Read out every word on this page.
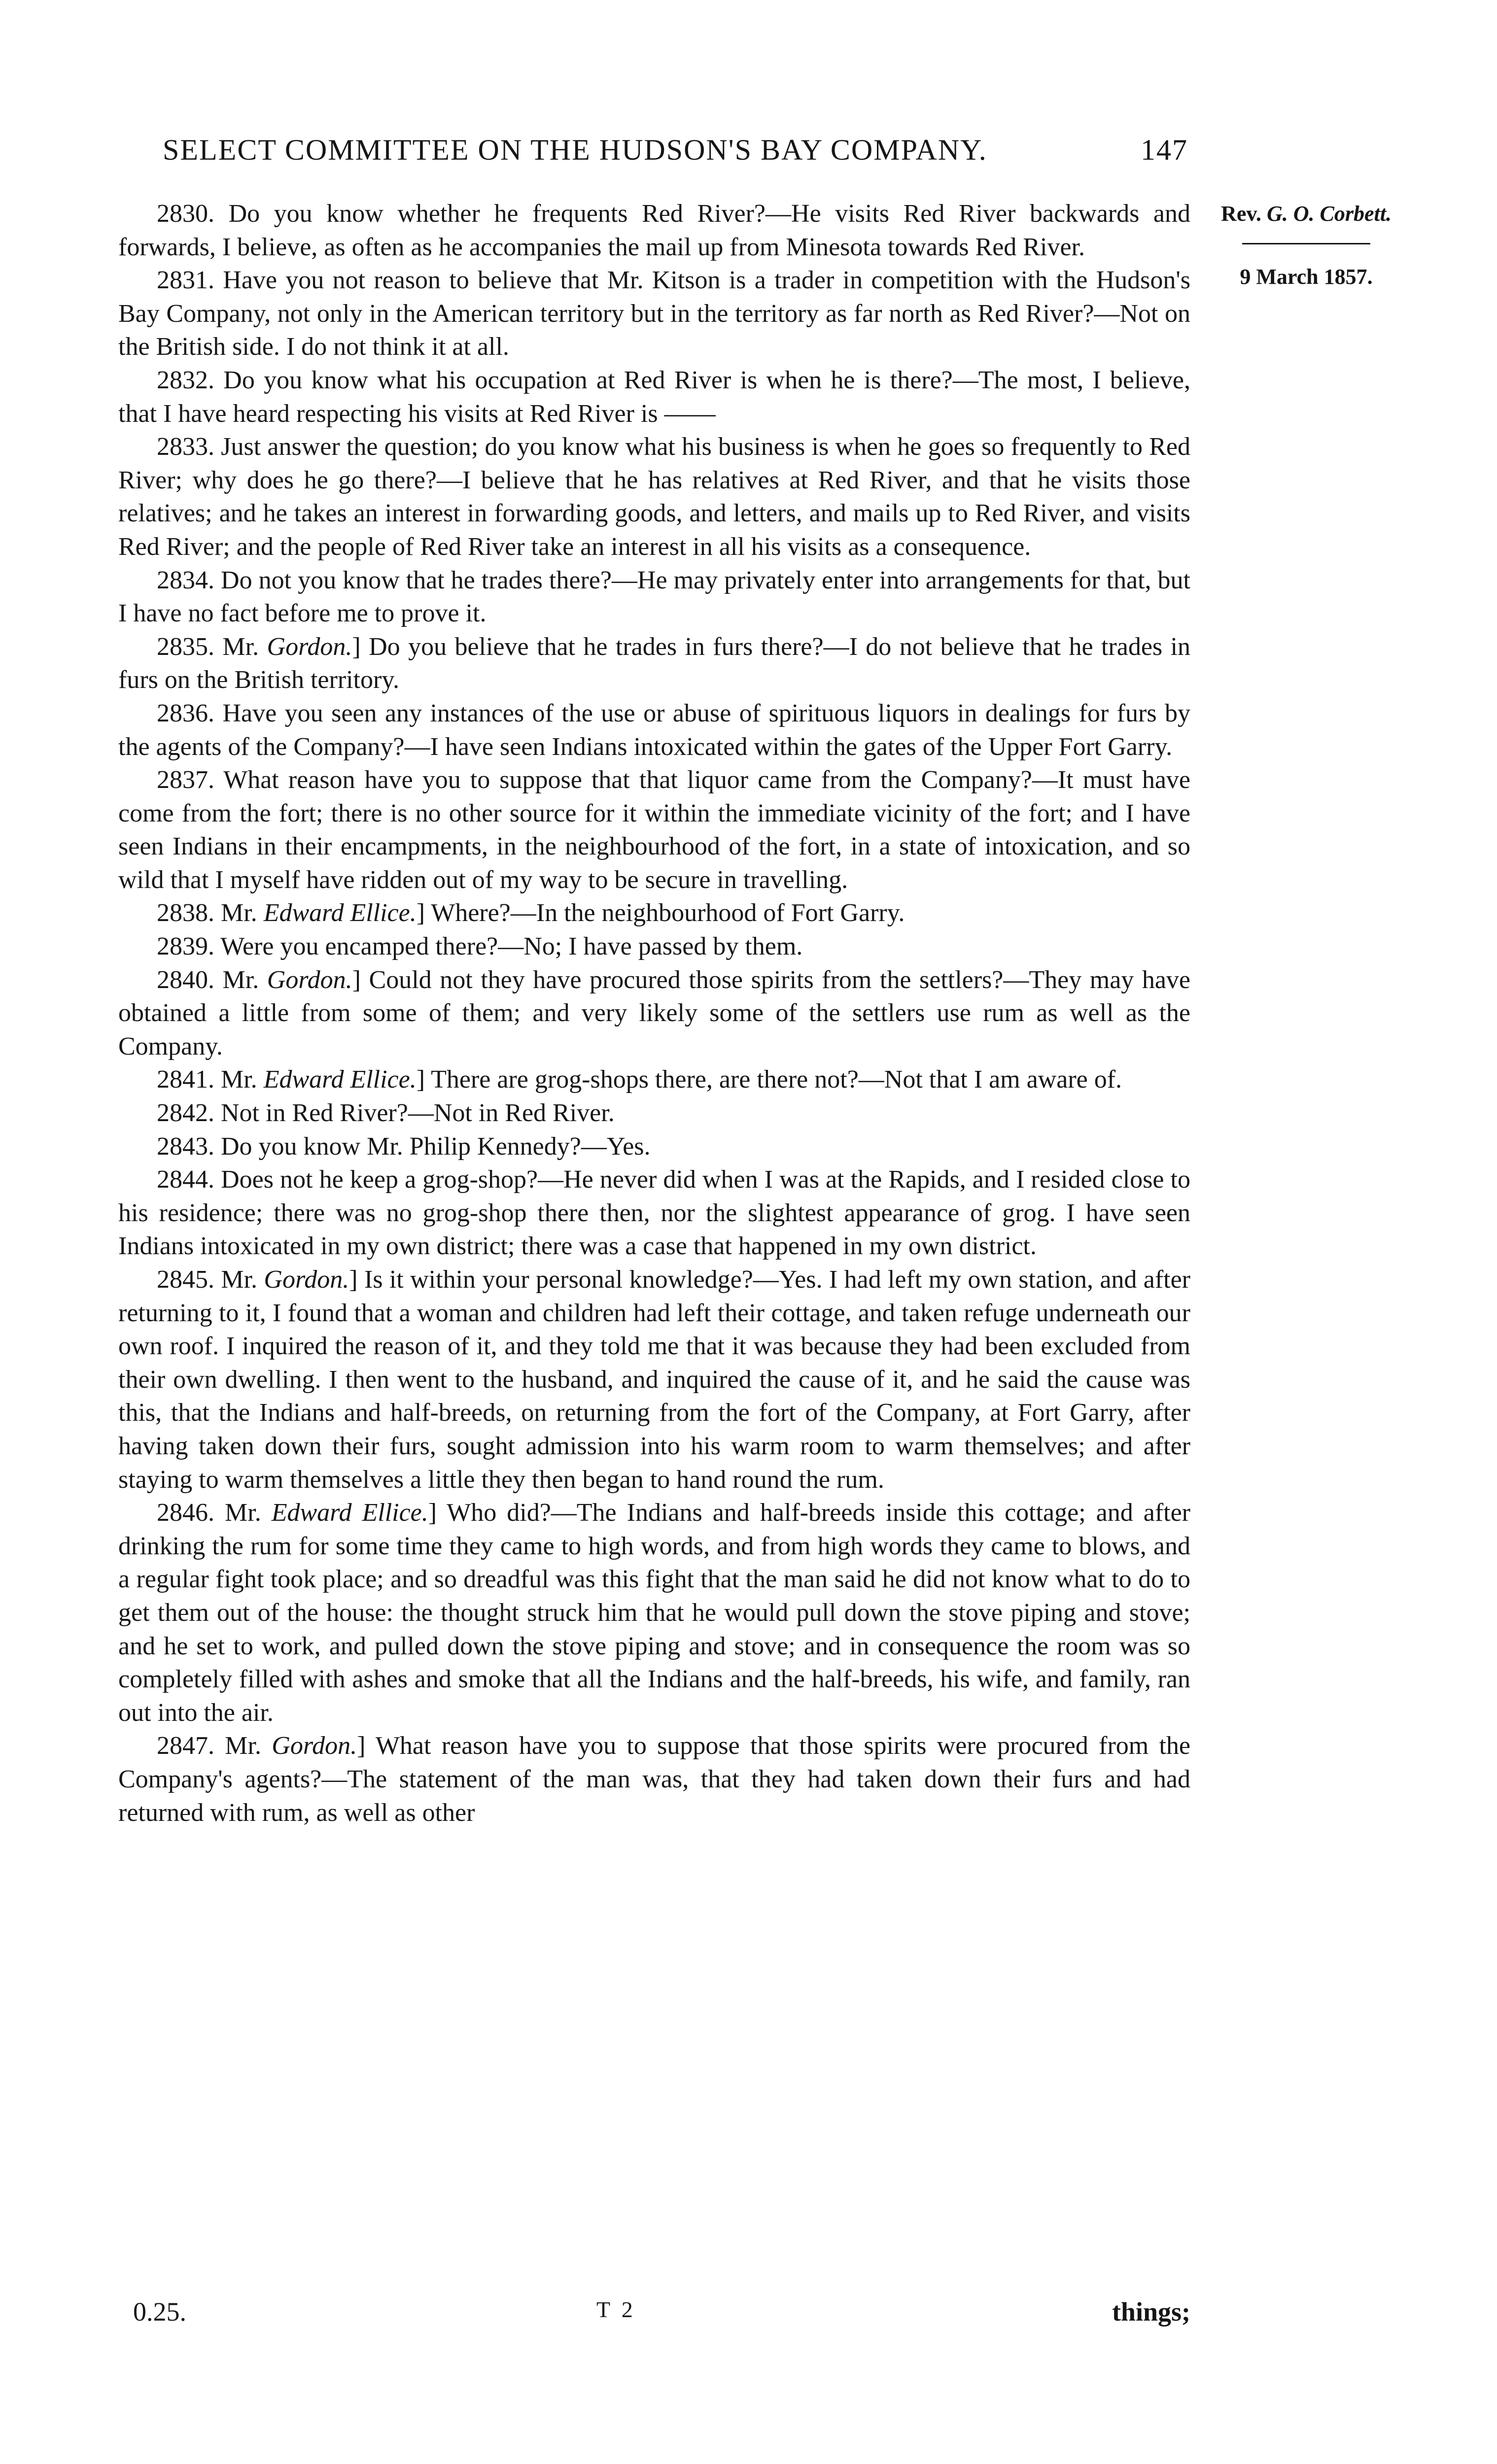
SELECT COMMITTEE ON THE HUDSON'S BAY COMPANY.	147
Rev. G. O. Corbett.
9 March 1857.

2830. Do you know whether he frequents Red River?—He visits Red River backwards and forwards, I believe, as often as he accompanies the mail up from Minesota towards Red River.

2831. Have you not reason to believe that Mr. Kitson is a trader in competition with the Hudson's Bay Company, not only in the American territory but in the territory as far north as Red River?—Not on the British side. I do not think it at all.

2832. Do you know what his occupation at Red River is when he is there?—The most, I believe, that I have heard respecting his visits at Red River is ——

2833. Just answer the question; do you know what his business is when he goes so frequently to Red River; why does he go there?—I believe that he has relatives at Red River, and that he visits those relatives; and he takes an interest in forwarding goods, and letters, and mails up to Red River, and visits Red River; and the people of Red River take an interest in all his visits as a consequence.

2834. Do not you know that he trades there?—He may privately enter into arrangements for that, but I have no fact before me to prove it.

2835. Mr. Gordon.] Do you believe that he trades in furs there?—I do not believe that he trades in furs on the British territory.

2836. Have you seen any instances of the use or abuse of spirituous liquors in dealings for furs by the agents of the Company?—I have seen Indians intoxicated within the gates of the Upper Fort Garry.

2837. What reason have you to suppose that that liquor came from the Company?—It must have come from the fort; there is no other source for it within the immediate vicinity of the fort; and I have seen Indians in their encampments, in the neighbourhood of the fort, in a state of intoxication, and so wild that I myself have ridden out of my way to be secure in travelling.

2838. Mr. Edward Ellice.] Where?—In the neighbourhood of Fort Garry.

2839. Were you encamped there?—No; I have passed by them.

2840. Mr. Gordon.] Could not they have procured those spirits from the settlers?—They may have obtained a little from some of them; and very likely some of the settlers use rum as well as the Company.

2841. Mr. Edward Ellice.] There are grog-shops there, are there not?—Not that I am aware of.

2842. Not in Red River?—Not in Red River.

2843. Do you know Mr. Philip Kennedy?—Yes.

2844. Does not he keep a grog-shop?—He never did when I was at the Rapids, and I resided close to his residence; there was no grog-shop there then, nor the slightest appearance of grog. I have seen Indians intoxicated in my own district; there was a case that happened in my own district.

2845. Mr. Gordon.] Is it within your personal knowledge?—Yes. I had left my own station, and after returning to it, I found that a woman and children had left their cottage, and taken refuge underneath our own roof. I inquired the reason of it, and they told me that it was because they had been excluded from their own dwelling. I then went to the husband, and inquired the cause of it, and he said the cause was this, that the Indians and half-breeds, on returning from the fort of the Company, at Fort Garry, after having taken down their furs, sought admission into his warm room to warm themselves; and after staying to warm themselves a little they then began to hand round the rum.

2846. Mr. Edward Ellice.] Who did?—The Indians and half-breeds inside this cottage; and after drinking the rum for some time they came to high words, and from high words they came to blows, and a regular fight took place; and so dreadful was this fight that the man said he did not know what to do to get them out of the house: the thought struck him that he would pull down the stove piping and stove; and he set to work, and pulled down the stove piping and stove; and in consequence the room was so completely filled with ashes and smoke that all the Indians and the half-breeds, his wife, and family, ran out into the air.

2847. Mr. Gordon.] What reason have you to suppose that those spirits were procured from the Company's agents?—The statement of the man was, that they had taken down their furs and had returned with rum, as well as other

0.25.	T 2	things;
